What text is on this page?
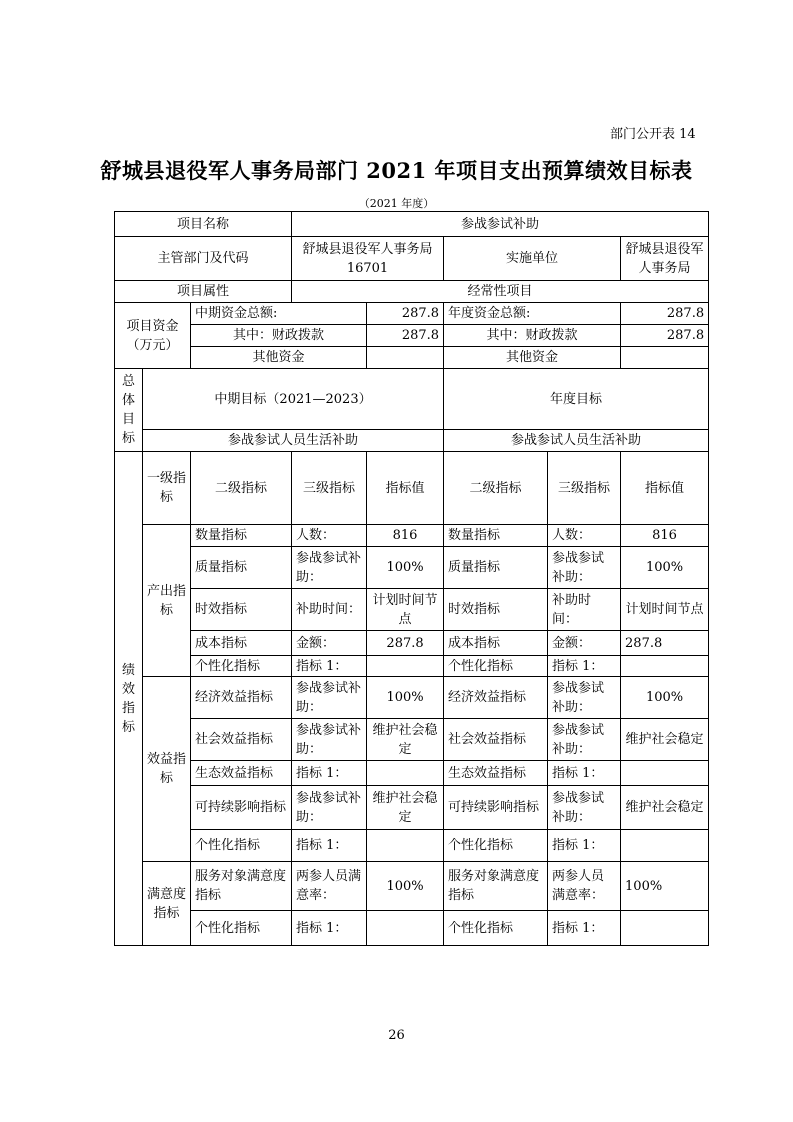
部门公开表 14
舒城县退役军人事务局部门 2021 年项目支出预算绩效目标表
（2021 年度）
项目名称			参战参试补助				
主管部门及代码			舒城县退役军人事务局　16701		实施单位		舒城县退役军人事务局
项目属性			经常性项目				
项目资金（万元）		中期资金总额:		287.8	年度资金总额:		287.8
		其中：财政拨款		287.8	其中：财政拨款		287.8
		其他资金			其他资金		
总体目标	中期目标（2021—2023）				年度目标		
	参战参试人员生活补助				参战参试人员生活补助		
绩效指标	一级指标	二级指标	三级指标	指标值	二级指标	三级指标	指标值
	产出指标	数量指标	人数：	816	数量指标	人数：	816
		质量指标	参战参试补助：	100%	质量指标	参战参试补助：	100%
		时效指标	补助时间：	计划时间节点	时效指标	补助时间：	计划时间节点
		成本指标	金额：	287.8	成本指标	金额：	287.8
		个性化指标	指标 1：		个性化指标	指标 1：	
	效益指标	经济效益指标	参战参试补助：	100%	经济效益指标	参战参试补助：	100%
		社会效益指标	参战参试补助：	维护社会稳定	社会效益指标	参战参试补助：	维护社会稳定
		生态效益指标	指标 1：		生态效益指标	指标 1：	
		可持续影响指标	参战参试补助：	维护社会稳定	可持续影响指标	参战参试补助：	维护社会稳定
		个性化指标	指标 1：		个性化指标	指标 1：	
	满意度指标	服务对象满意度指标	两参人员满意率：	100%	服务对象满意度指标	两参人员满意率：	100%
		个性化指标	指标 1：		个性化指标	指标 1：	
26
